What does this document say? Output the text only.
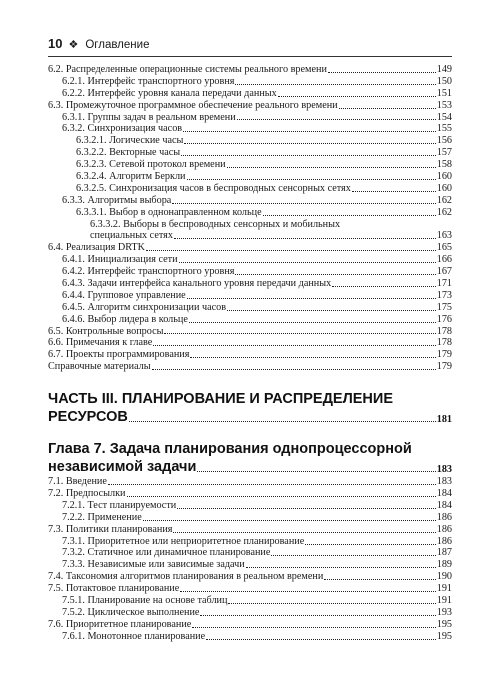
10 ❖ Оглавление
6.2. Распределенные операционные системы реального времени	149
6.2.1. Интерфейс транспортного уровня	150
6.2.2. Интерфейс уровня канала передачи данных	151
6.3. Промежуточное программное обеспечение реального времени	153
6.3.1. Группы задач в реальном времени	154
6.3.2. Синхронизация часов	155
6.3.2.1. Логические часы	156
6.3.2.2. Векторные часы	157
6.3.2.3. Сетевой протокол времени	158
6.3.2.4. Алгоритм Беркли	160
6.3.2.5. Синхронизация часов в беспроводных сенсорных сетях	160
6.3.3. Алгоритмы выбора	162
6.3.3.1. Выбор в однонаправленном кольце	162
6.3.3.2. Выборы в беспроводных сенсорных и мобильных
специальных сетях	163
6.4. Реализация DRTK	165
6.4.1. Инициализация сети	166
6.4.2. Интерфейс транспортного уровня	167
6.4.3. Задачи интерфейса канального уровня передачи данных	171
6.4.4. Групповое управление	173
6.4.5. Алгоритм синхронизации часов	175
6.4.6. Выбор лидера в кольце	176
6.5. Контрольные вопросы	178
6.6. Примечания к главе	178
6.7. Проекты программирования	179
Справочные материалы	179
ЧАСТЬ III. ПЛАНИРОВАНИЕ И РАСПРЕДЕЛЕНИЕ
РЕСУРСОВ	181
Глава 7. Задача планирования однопроцессорной
независимой задачи	183
7.1. Введение	183
7.2. Предпосылки	184
7.2.1. Тест планируемости	184
7.2.2. Применение	186
7.3. Политики планирования	186
7.3.1. Приоритетное или неприоритетное планирование	186
7.3.2. Статичное или динамичное планирование	187
7.3.3. Независимые или зависимые задачи	189
7.4. Таксономия алгоритмов планирования в реальном времени	190
7.5. Потактовое планирование	191
7.5.1. Планирование на основе таблиц	191
7.5.2. Циклическое выполнение	193
7.6. Приоритетное планирование	195
7.6.1. Монотонное планирование	195
